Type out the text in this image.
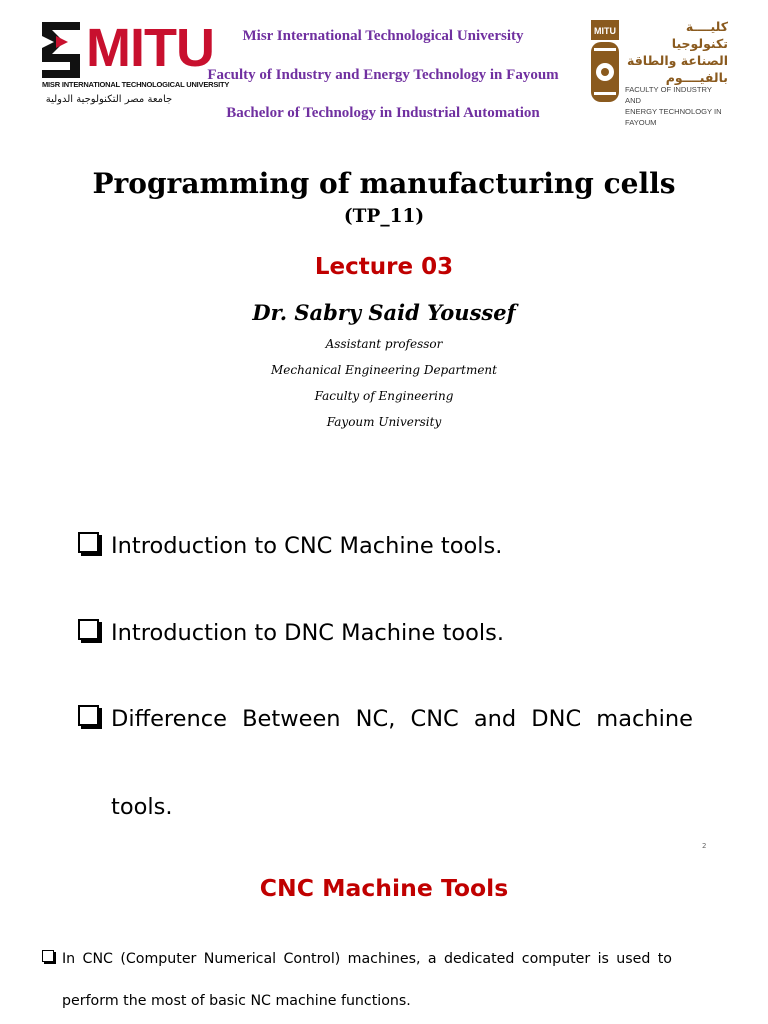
MITU
MISR INTERNATIONAL TECHNOLOGICAL UNIVERSITY
جامعة مصر التكنولوجية الدولية
Misr International Technological University
Faculty of Industry and Energy Technology in Fayoum
Bachelor of Technology in Industrial Automation
MITU	كليــــة
تكنولوجيا الصناعة والطاقة
بالفيــــوم
FACULTY OF INDUSTRY AND
ENERGY TECHNOLOGY IN FAYOUM
Programming of manufacturing cells
(TP_11)
Lecture 03
Dr. Sabry Said Youssef
Assistant professor
Mechanical Engineering Department
Faculty of Engineering
Fayoum University
Introduction to CNC Machine tools.
Introduction to DNC Machine tools.
Difference Between NC, CNC and DNC machine
tools.
2
CNC Machine Tools
In CNC (Computer Numerical Control) machines, a dedicated computer is used to
perform the most of basic NC machine functions.
